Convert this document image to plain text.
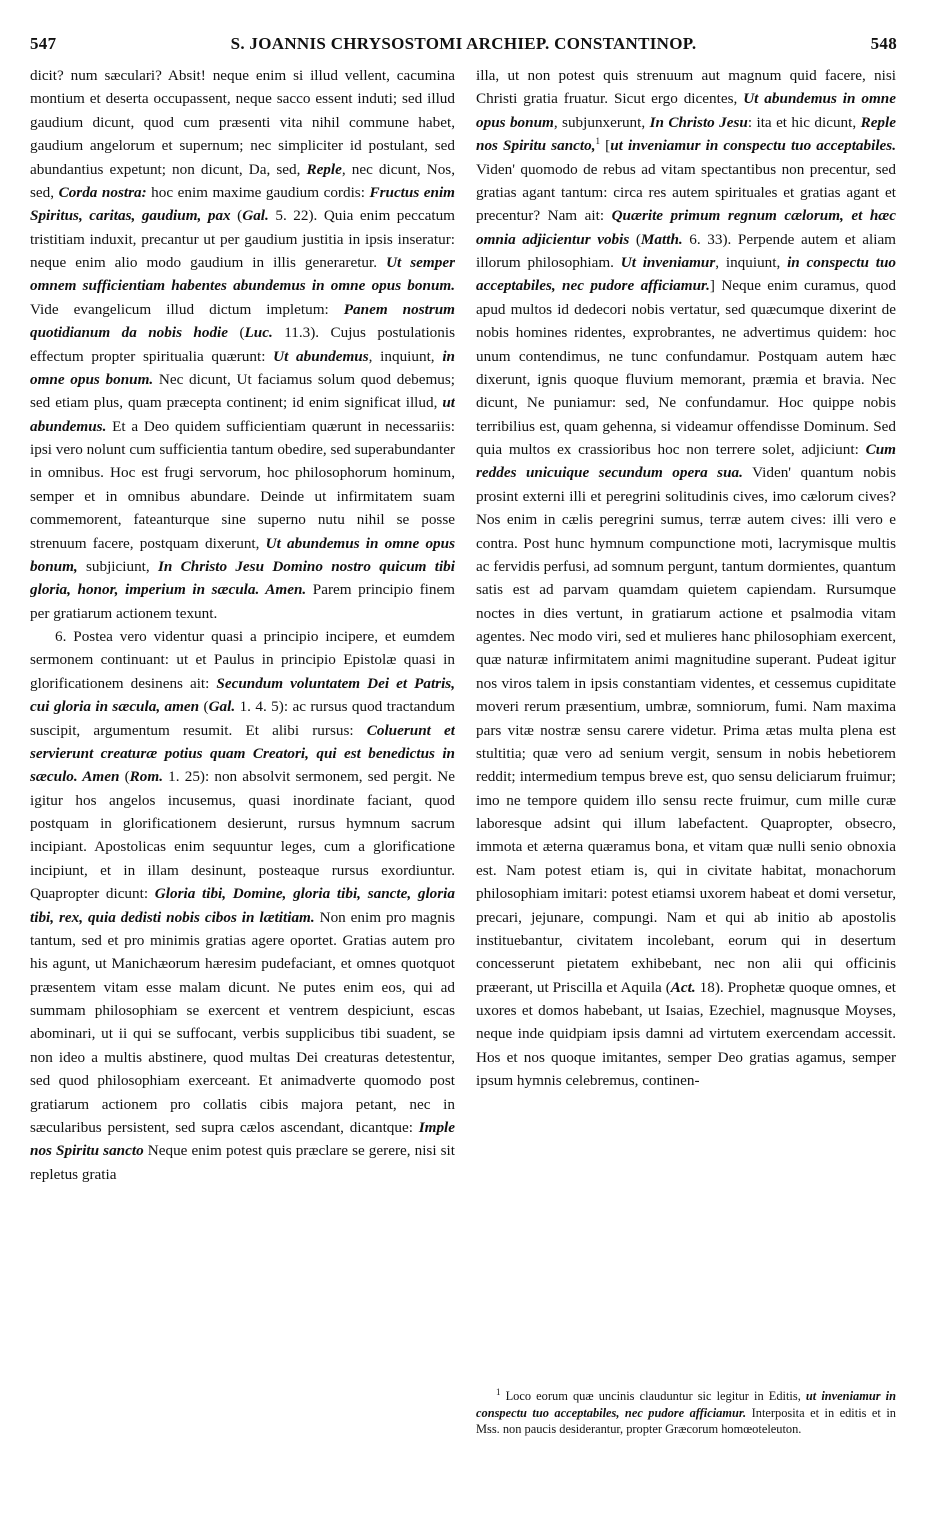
547	S. JOANNIS CHRYSOSTOMI ARCHIEP. CONSTANTINOP.	548

dicit? num sæculari? Absit! neque enim si illud vellent, cacumina montium et deserta occupassent, neque sacco essent induti; sed illud gaudium dicunt, quod cum præsenti vita nihil commune habet, gaudium angelorum et supernum; nec simpliciter id postulant, sed abundantius expetunt; non dicunt, Da, sed, Reple, nec dicunt, Nos, sed, Corda nostra: hoc enim maxime gaudium cordis: Fructus enim Spiritus, caritas, gaudium, pax (Gal. 5. 22). Quia enim peccatum tristitiam induxit, precantur ut per gaudium justitia in ipsis inseratur: neque enim alio modo gaudium in illis generaretur. Ut semper omnem sufficientiam habentes abundemus in omne opus bonum. Vide evangelicum illud dictum impletum: Panem nostrum quotidianum da nobis hodie (Luc. 11.3). Cujus postulationis effectum propter spiritualia quærunt: Ut abundemus, inquiunt, in omne opus bonum. Nec dicunt, Ut faciamus solum quod debemus; sed etiam plus, quam præcepta continent; id enim significat illud, ut abundemus. Et a Deo quidem sufficientiam quærunt in necessariis: ipsi vero nolunt cum sufficientia tantum obedire, sed superabundanter in omnibus. Hoc est frugi servorum, hoc philosophorum hominum, semper et in omnibus abundare. Deinde ut infirmitatem suam commemorent, fateanturque sine superno nutu nihil se posse strenuum facere, postquam dixerunt, Ut abundemus in omne opus bonum, subjiciunt, In Christo Jesu Domino nostro quicum tibi gloria, honor, imperium in sæcula. Amen. Parem principio finem per gratiarum actionem texunt.

6. Postea vero videntur quasi a principio incipere, et eumdem sermonem continuant: ut et Paulus in principio Epistolæ quasi in glorificationem desinens ait: Secundum voluntatem Dei et Patris, cui gloria in sæcula, amen (Gal. 1. 4. 5): ac rursus quod tractandum suscipit, argumentum resumit. Et alibi rursus: Coluerunt et servierunt creaturæ potius quam Creatori, qui est benedictus in sæculo. Amen (Rom. 1. 25): non absolvit sermonem, sed pergit. Ne igitur hos angelos incusemus, quasi inordinate faciant, quod postquam in glorificationem desierunt, rursus hymnum sacrum incipiant. Apostolicas enim sequuntur leges, cum a glorificatione incipiunt, et in illam desinunt, posteaque rursus exordiuntur. Quapropter dicunt: Gloria tibi, Domine, gloria tibi, sancte, gloria tibi, rex, quia dedisti nobis cibos in lætitiam. Non enim pro magnis tantum, sed et pro minimis gratias agere oportet. Gratias autem pro his agunt, ut Manichæorum hæresim pudefaciant, et omnes quotquot præsentem vitam esse malam dicunt. Ne putes enim eos, qui ad summam philosophiam se exercent et ventrem despiciunt, escas abominari, ut ii qui se suffocant, verbis supplicibus tibi suadent, se non ideo a multis abstinere, quod multas Dei creaturas detestentur, sed quod philosophiam exerceant. Et animadverte quomodo post gratiarum actionem pro collatis cibis majora petant, nec in sæcularibus persistent, sed supra cælos ascendant, dicantque: Imple nos Spiritu sancto Neque enim potest quis præclare se gerere, nisi sit repletus gratia

illa, ut non potest quis strenuum aut magnum quid facere, nisi Christi gratia fruatur. Sicut ergo dicentes, Ut abundemus in omne opus bonum, subjunxerunt, In Christo Jesu: ita et hic dicunt, Reple nos Spiritu sancto,$^1$ [ut inveniamur in conspectu tuo acceptabiles. Viden' quomodo de rebus ad vitam spectantibus non precentur, sed gratias agant tantum: circa res autem spirituales et gratias agant et precentur? Nam ait: Quærite primum regnum cælorum, et hæc omnia adjicientur vobis (Matth. 6. 33). Perpende autem et aliam illorum philosophiam. Ut inveniamur, inquiunt, in conspectu tuo acceptabiles, nec pudore afficiamur.] Neque enim curamus, quod apud multos id dedecori nobis vertatur, sed quæcumque dixerint de nobis homines ridentes, exprobrantes, ne advertimus quidem: hoc unum contendimus, ne tunc confundamur. Postquam autem hæc dixerunt, ignis quoque fluvium memorant, præmia et bravia. Nec dicunt, Ne puniamur: sed, Ne confundamur. Hoc quippe nobis terribilius est, quam gehenna, si videamur offendisse Dominum. Sed quia multos ex crassioribus hoc non terrere solet, adjiciunt: Cum reddes unicuique secundum opera sua. Viden' quantum nobis prosint externi illi et peregrini solitudinis cives, imo cælorum cives? Nos enim in cælis peregrini sumus, terræ autem cives: illi vero e contra. Post hunc hymnum compunctione moti, lacrymisque multis ac fervidis perfusi, ad somnum pergunt, tantum dormientes, quantum satis est ad parvam quamdam quietem capiendam. Rursumque noctes in dies vertunt, in gratiarum actione et psalmodia vitam agentes. Nec modo viri, sed et mulieres hanc philosophiam exercent, quæ naturæ infirmitatem animi magnitudine superant. Pudeat igitur nos viros talem in ipsis constantiam videntes, et cessemus cupiditate moveri rerum præsentium, umbræ, somniorum, fumi. Nam maxima pars vitæ nostræ sensu carere videtur. Prima ætas multa plena est stultitia; quæ vero ad senium vergit, sensum in nobis hebetiorem reddit; intermedium tempus breve est, quo sensu deliciarum fruimur; imo ne tempore quidem illo sensu recte fruimur, cum mille curæ laboresque adsint qui illum labefactent. Quapropter, obsecro, immota et æterna quæramus bona, et vitam quæ nulli senio obnoxia est. Nam potest etiam is, qui in civitate habitat, monachorum philosophiam imitari: potest etiamsi uxorem habeat et domi versetur, precari, jejunare, compungi. Nam et qui ab initio ab apostolis instituebantur, civitatem incolebant, eorum qui in desertum concesserunt pietatem exhibebant, nec non alii qui officinis præerant, ut Priscilla et Aquila (Act. 18). Prophetæ quoque omnes, et uxores et domos habebant, ut Isaias, Ezechiel, magnusque Moyses, neque inde quidpiam ipsis damni ad virtutem exercendam accessit. Hos et nos quoque imitantes, semper Deo gratias agamus, semper ipsum hymnis celebremus, continen-

$^1$ Loco eorum quæ uncinis clauduntur sic legitur in Editis, ut inveniamur in conspectu tuo acceptabiles, nec pudore afficiamur. Interposita et in editis et in Mss. non paucis desiderantur, propter Græcorum homœoteleuton.
